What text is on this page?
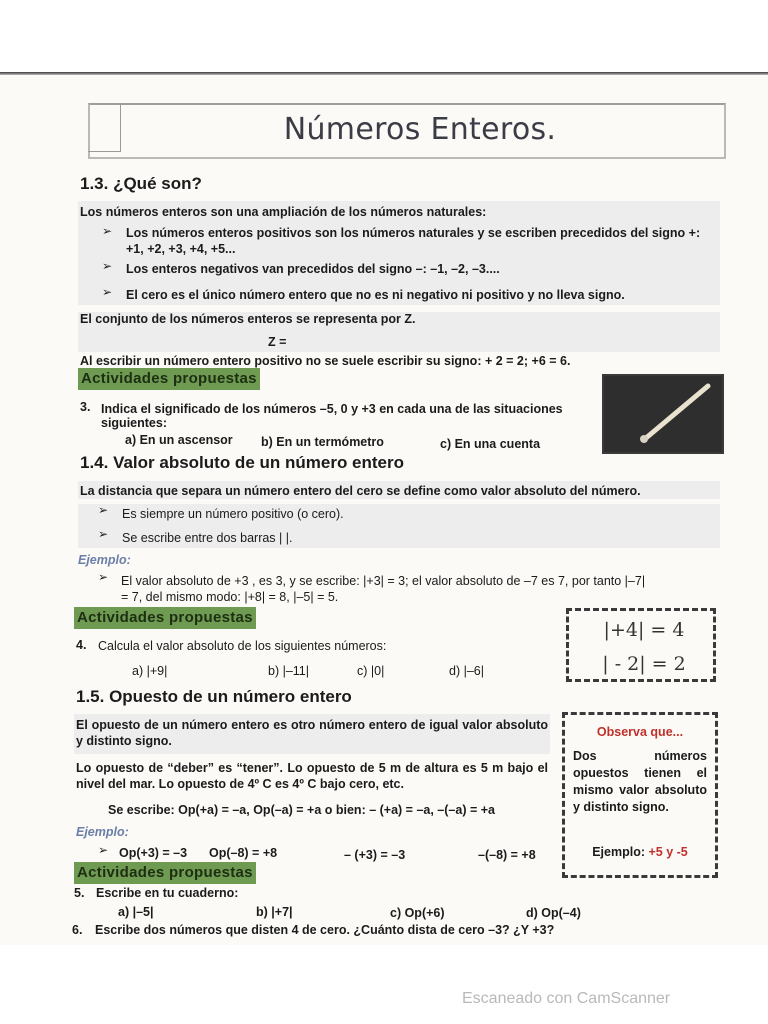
Números Enteros.
1.3. ¿Qué son?
Los números enteros son una ampliación de los números naturales:
➢ Los números enteros positivos son los números naturales y se escriben precedidos del signo +:
+1, +2, +3, +4, +5...
➢ Los enteros negativos van precedidos del signo –: –1, –2, –3....
➢ El cero es el único número entero que no es ni negativo ni positivo y no lleva signo.
El conjunto de los números enteros se representa por Z.
Z =
Al escribir un número entero positivo no se suele escribir su signo: + 2 = 2; +6 = 6.
Actividades propuestas
3. Indica el significado de los números –5, 0 y +3 en cada una de las situaciones
siguientes:
a) En un ascensor b) En un termómetro	c) En una cuenta
1.4. Valor absoluto de un número entero
La distancia que separa un número entero del cero se define como valor absoluto del número.
➢ Es siempre un número positivo (o cero).
➢ Se escribe entre dos barras | |.
Ejemplo:
➢ El valor absoluto de +3 , es 3, y se escribe: |+3| = 3; el valor absoluto de –7 es 7, por tanto |–7|
= 7, del mismo modo: |+8| = 8, |–5| = 5.
|+4| = 4
| - 2| = 2
Actividades propuestas
4. Calcula el valor absoluto de los siguientes números:
a) |+9|	b) |–11|	c) |0|	d) |–6|
1.5. Opuesto de un número entero
El opuesto de un número entero es otro número entero de igual valor absoluto y distinto signo.
Lo opuesto de “deber” es “tener”. Lo opuesto de 5 m de altura es 5 m bajo el nivel del mar. Lo opuesto de 4º C es 4º C bajo cero, etc.
Se escribe: Op(+a) = –a, Op(–a) = +a o bien: – (+a) = –a, –(–a) = +a
Ejemplo:
➢ Op(+3) = –3 Op(–8) = +8	– (+3) = –3	–(–8) = +8
Observa que...
Dos números opuestos tienen el mismo valor absoluto y distinto signo.
Ejemplo: +5 y -5
Actividades propuestas
5. Escribe en tu cuaderno:
a) |–5|	b) |+7|	c) Op(+6)	d) Op(–4)
6. Escribe dos números que disten 4 de cero. ¿Cuánto dista de cero –3? ¿Y +3?
Escaneado con CamScanner
